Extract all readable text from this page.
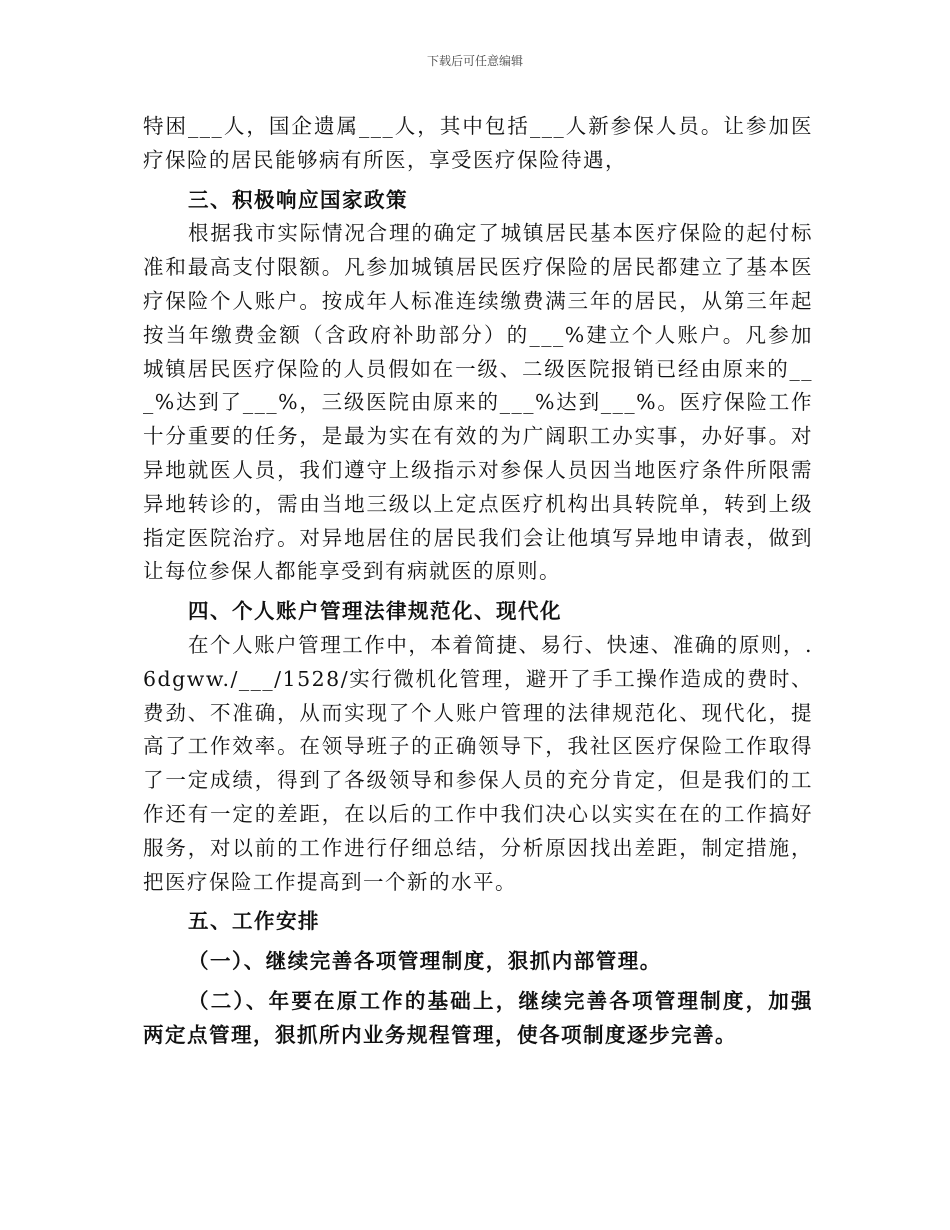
下载后可任意编辑

特困___人，国企遗属___人，其中包括___人新参保人员。让参加医疗保险的居民能够病有所医，享受医疗保险待遇，

三、积极响应国家政策

根据我市实际情况合理的确定了城镇居民基本医疗保险的起付标准和最高支付限额。凡参加城镇居民医疗保险的居民都建立了基本医疗保险个人账户。按成年人标准连续缴费满三年的居民，从第三年起按当年缴费金额（含政府补助部分）的___%建立个人账户。凡参加城镇居民医疗保险的人员假如在一级、二级医院报销已经由原来的___%达到了___%，三级医院由原来的___%达到___%。医疗保险工作十分重要的任务，是最为实在有效的为广阔职工办实事，办好事。对异地就医人员，我们遵守上级指示对参保人员因当地医疗条件所限需异地转诊的，需由当地三级以上定点医疗机构出具转院单，转到上级指定医院治疗。对异地居住的居民我们会让他填写异地申请表，做到让每位参保人都能享受到有病就医的原则。

四、个人账户管理法律规范化、现代化

在个人账户管理工作中，本着简捷、易行、快速、准确的原则，.6dgww./___/1528/实行微机化管理，避开了手工操作造成的费时、费劲、不准确，从而实现了个人账户管理的法律规范化、现代化，提高了工作效率。在领导班子的正确领导下，我社区医疗保险工作取得了一定成绩，得到了各级领导和参保人员的充分肯定，但是我们的工作还有一定的差距，在以后的工作中我们决心以实实在在的工作搞好服务，对以前的工作进行仔细总结，分析原因找出差距，制定措施，把医疗保险工作提高到一个新的水平。

五、工作安排

（一）、继续完善各项管理制度，狠抓内部管理。

（二）、年要在原工作的基础上，继续完善各项管理制度，加强两定点管理，狠抓所内业务规程管理，使各项制度逐步完善。
